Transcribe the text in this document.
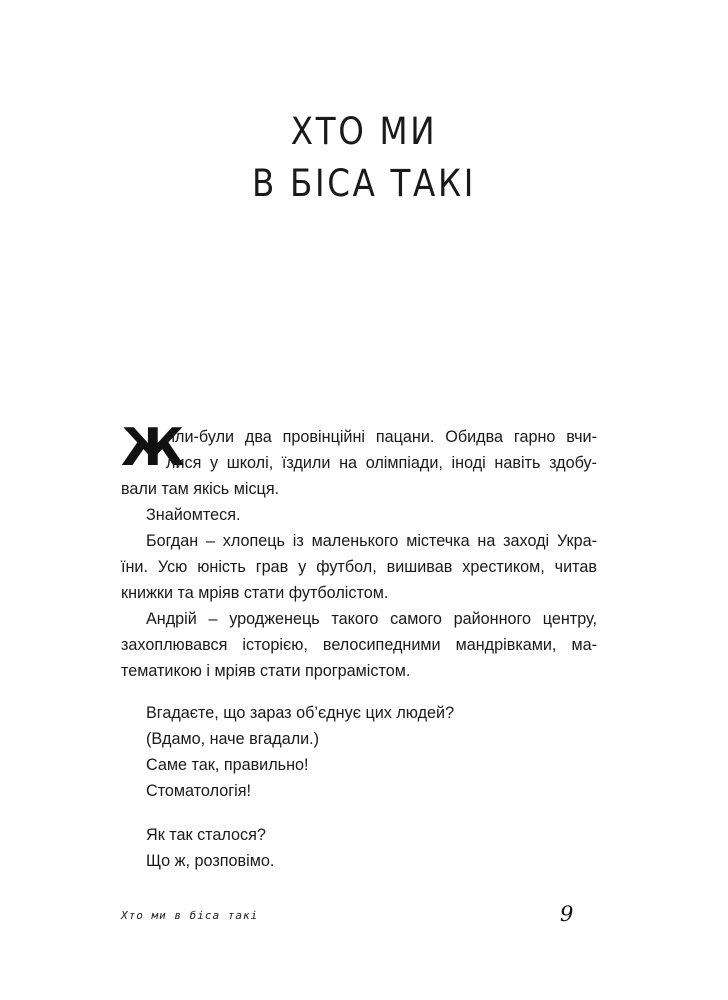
ХТО МИ
В БІСА ТАКІ
Ж
или-були два провінційні пацани. Обидва гарно вчи-
лися у школі, їздили на олімпіади, іноді навіть здобу-
вали там якісь місця.
Знайомтеся.
Богдан – хлопець із маленького містечка на заході Укра-
їни. Усю юність грав у футбол, вишивав хрестиком, читав
книжки та мріяв стати футболістом.
Андрій – уродженець такого самого районного центру,
захоплювався історією, велосипедними мандрівками, ма-
тематикою і мріяв стати програмістом.
Вгадаєте, що зараз об’єднує цих людей?
(Вдамо, наче вгадали.)
Саме так, правильно!
Стоматологія!
Як так сталося?
Що ж, розповімо.
Хто ми в біса такі	9
